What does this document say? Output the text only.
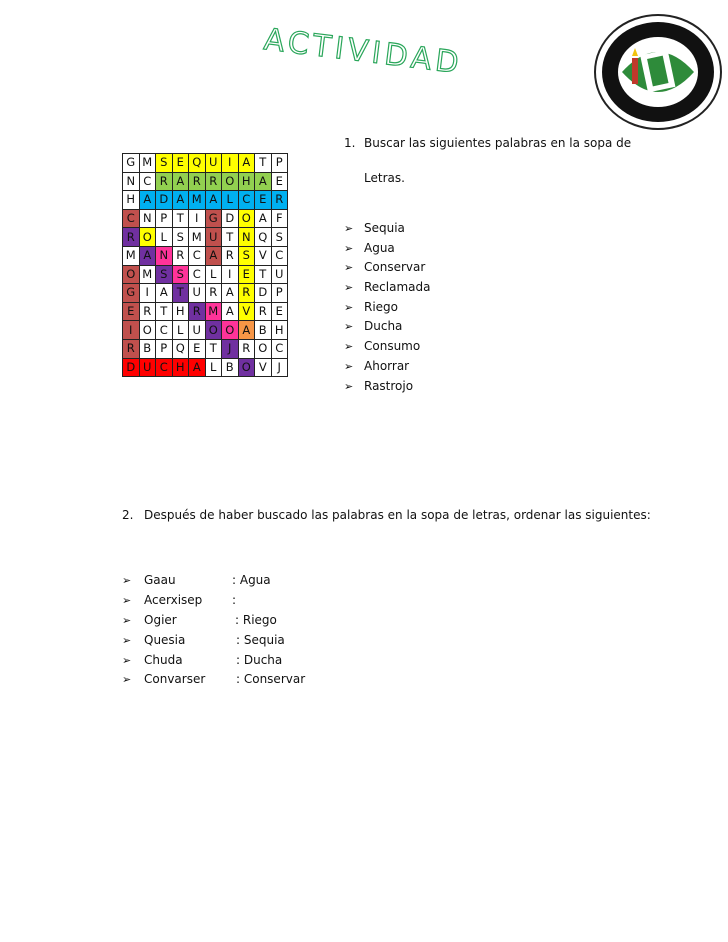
ACTIVIDAD
G	M	S	E	Q	U	I	A	T	P
N	C	R	A	R	R	O	H	A	E
H	A	D	A	M	A	L	C	E	R
C	N	P	T	I	G	D	O	A	F
R	O	L	S	M	U	T	N	Q	S
M	A	N	R	C	A	R	S	V	C
O	M	S	S	C	L	I	E	T	U
G	I	A	T	U	R	A	R	D	P
E	R	T	H	R	M	A	V	R	E
I	O	C	L	U	O	O	A	B	H
R	B	P	Q	E	T	J	R	O	C
D	U	C	H	A	L	B	O	V	J
1. Buscar las siguientes palabras en la sopa de
Letras.
➢ Sequia
➢ Agua
➢ Conservar
➢ Reclamada
➢ Riego
➢ Ducha
➢ Consumo
➢ Ahorrar
➢ Rastrojo
2. Después de haber buscado las palabras en la sopa de letras, ordenar las siguientes:
➢ Gaau	: Agua
➢ Acerxisep :
➢ Ogier	: Riego
➢ Quesia	: Sequia
➢ Chuda	: Ducha
➢ Convarser	: Conservar
